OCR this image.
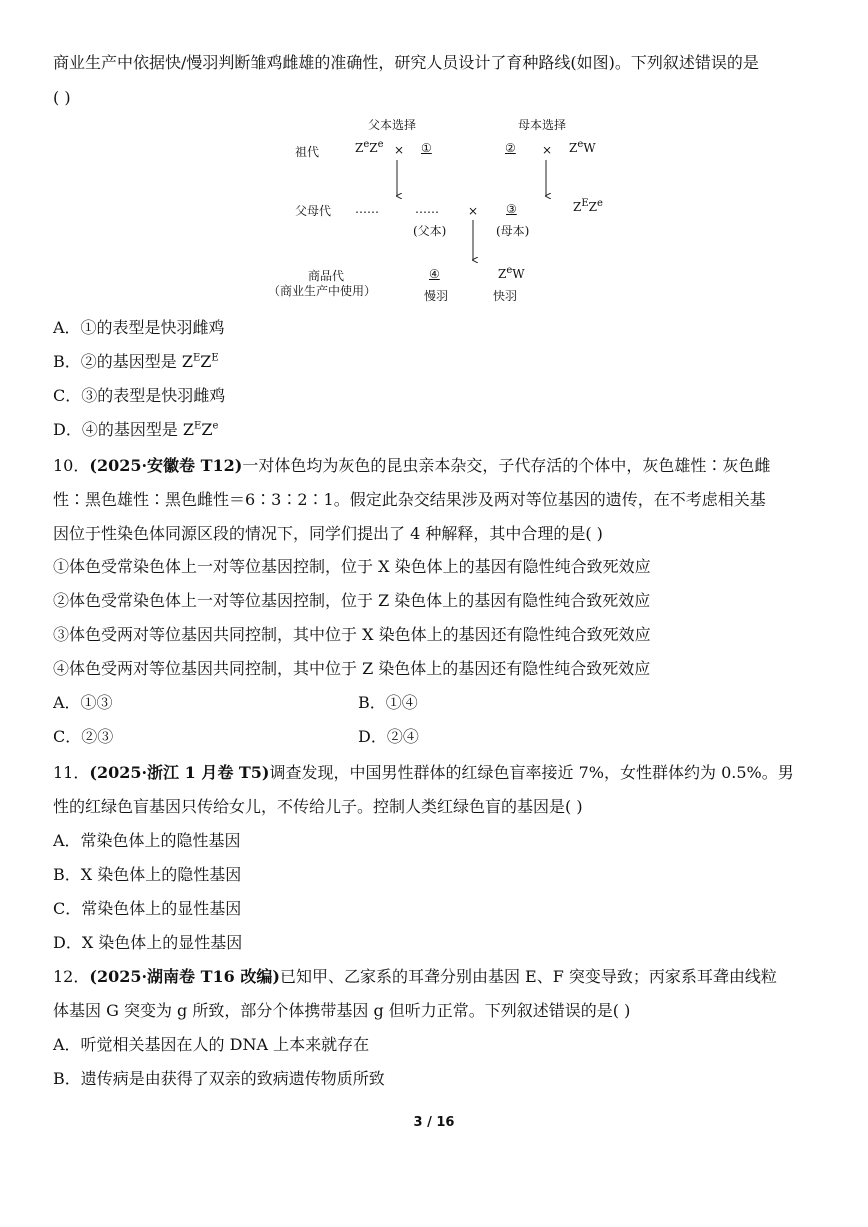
商业生产中依据快/慢羽判断雏鸡雌雄的准确性，研究人员设计了育种路线(如图)。下列叙述错误的是
( )
父本选择	母本选择
祖代	$Z^eZ^e$ × ①	② × $Z^eW$
父母代 ……	…… × ③	$Z^EZ^e$
(父本)	(母本)
商品代
（商业生产中使用）
④	$Z^eW$
慢羽	快羽
A．①的表型是快羽雌鸡
B．②的基因型是 $Z^EZ^E$
C．③的表型是快羽雌鸡
D．④的基因型是 $Z^EZ^e$
10．(2025·安徽卷 T12)一对体色均为灰色的昆虫亲本杂交，子代存活的个体中，灰色雄性∶灰色雌
性∶黑色雄性∶黑色雌性＝6∶3∶2∶1。假定此杂交结果涉及两对等位基因的遗传，在不考虑相关基
因位于性染色体同源区段的情况下，同学们提出了 4 种解释，其中合理的是( )
①体色受常染色体上一对等位基因控制，位于 X 染色体上的基因有隐性纯合致死效应
②体色受常染色体上一对等位基因控制，位于 Z 染色体上的基因有隐性纯合致死效应
③体色受两对等位基因共同控制，其中位于 X 染色体上的基因还有隐性纯合致死效应
④体色受两对等位基因共同控制，其中位于 Z 染色体上的基因还有隐性纯合致死效应
A．①③	B．①④
C．②③	D．②④
11．(2025·浙江 1 月卷 T5)调查发现，中国男性群体的红绿色盲率接近 7%，女性群体约为 0.5%。男
性的红绿色盲基因只传给女儿，不传给儿子。控制人类红绿色盲的基因是( )
A．常染色体上的隐性基因
B．X 染色体上的隐性基因
C．常染色体上的显性基因
D．X 染色体上的显性基因
12．(2025·湖南卷 T16 改编)已知甲、乙家系的耳聋分别由基因 E、F 突变导致；丙家系耳聋由线粒
体基因 G 突变为 g 所致，部分个体携带基因 g 但听力正常。下列叙述错误的是( )
A．听觉相关基因在人的 DNA 上本来就存在
B．遗传病是由获得了双亲的致病遗传物质所致
3 / 16
